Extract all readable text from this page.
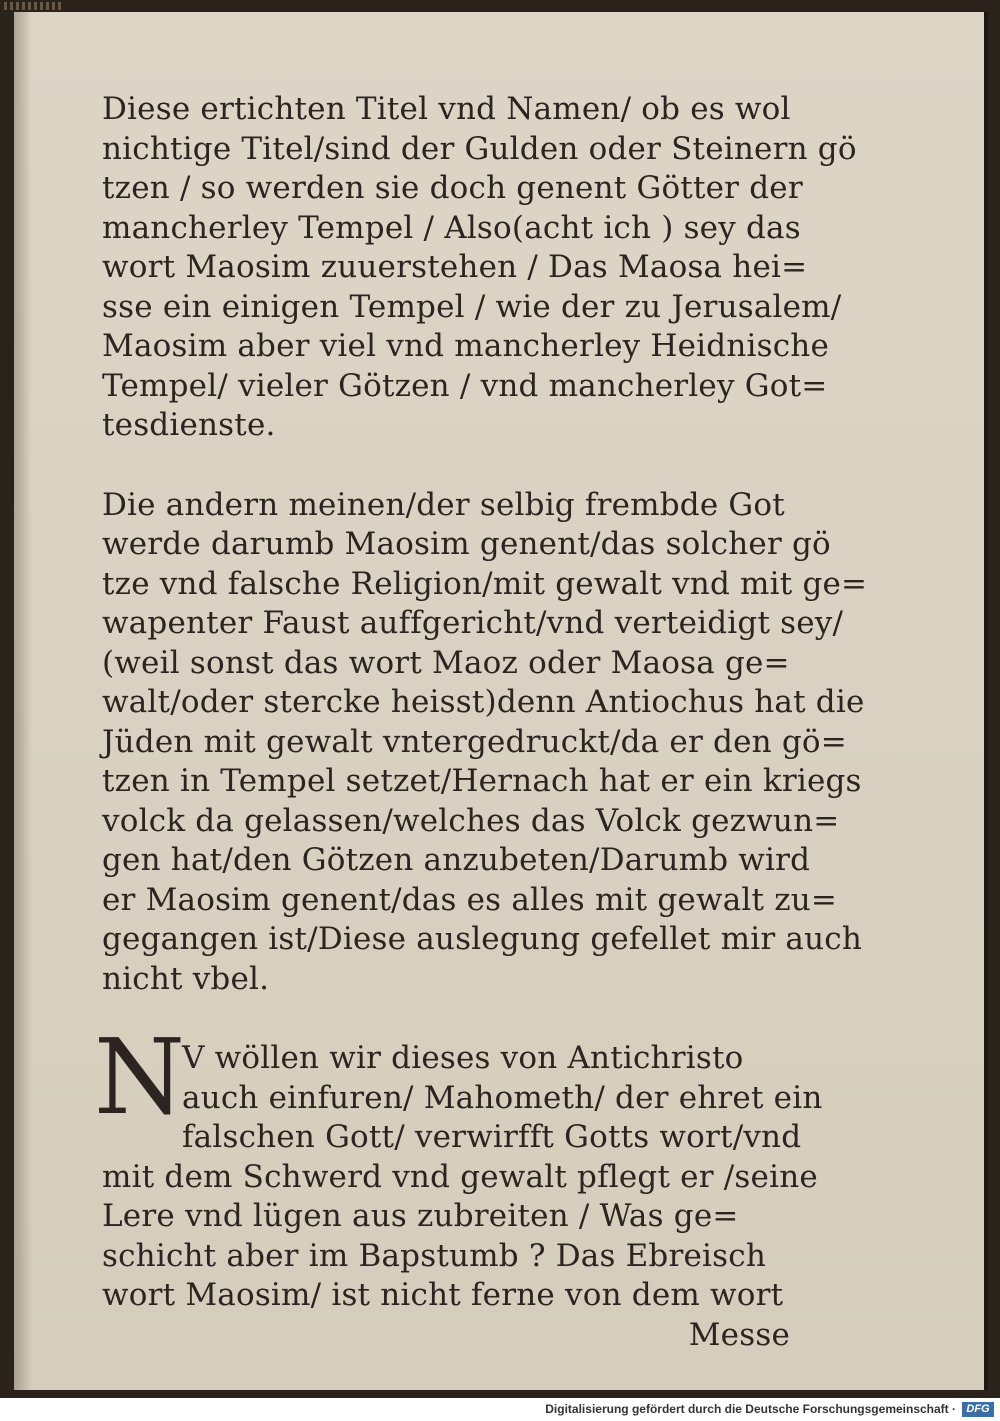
Diese ertichten Titel vnd Namen/ ob es wol
nichtige Titel/sind der Gulden oder Steinern gö
tzen / so werden sie doch genent Götter der
mancherley Tempel / Also(acht ich ) sey das
wort Maosim zuuerstehen / Das Maosa hei=
sse ein einigen Tempel / wie der zu Jerusalem/
Maosim aber viel vnd mancherley Heidnische
Tempel/ vieler Götzen / vnd mancherley Got=
tesdienste.
Die andern meinen/der selbig frembde Got
werde darumb Maosim genent/das solcher gö
tze vnd falsche Religion/mit gewalt vnd mit ge=
wapenter Faust auffgericht/vnd verteidigt sey/
(weil sonst das wort Maoz oder Maosa ge=
walt/oder stercke heisst)denn Antiochus hat die
Jüden mit gewalt vntergedruckt/da er den gö=
tzen in Tempel setzet/Hernach hat er ein kriegs
volck da gelassen/welches das Volck gezwun=
gen hat/den Götzen anzubeten/Darumb wird
er Maosim genent/das es alles mit gewalt zu=
gegangen ist/Diese auslegung gefellet mir auch
nicht vbel.
N
V wöllen wir dieses von Antichristo
auch einfuren/ Mahometh/ der ehret ein
falschen Gott/ verwirfft Gotts wort/vnd
mit dem Schwerd vnd gewalt pflegt er /seine
Lere vnd lügen aus zubreiten / Was ge=
schicht aber im Bapstumb ? Das Ebreisch
wort Maosim/ ist nicht ferne von dem wort
Messe
Digitalisierung gefördert durch die Deutsche Forschungsgemeinschaft · DFG
